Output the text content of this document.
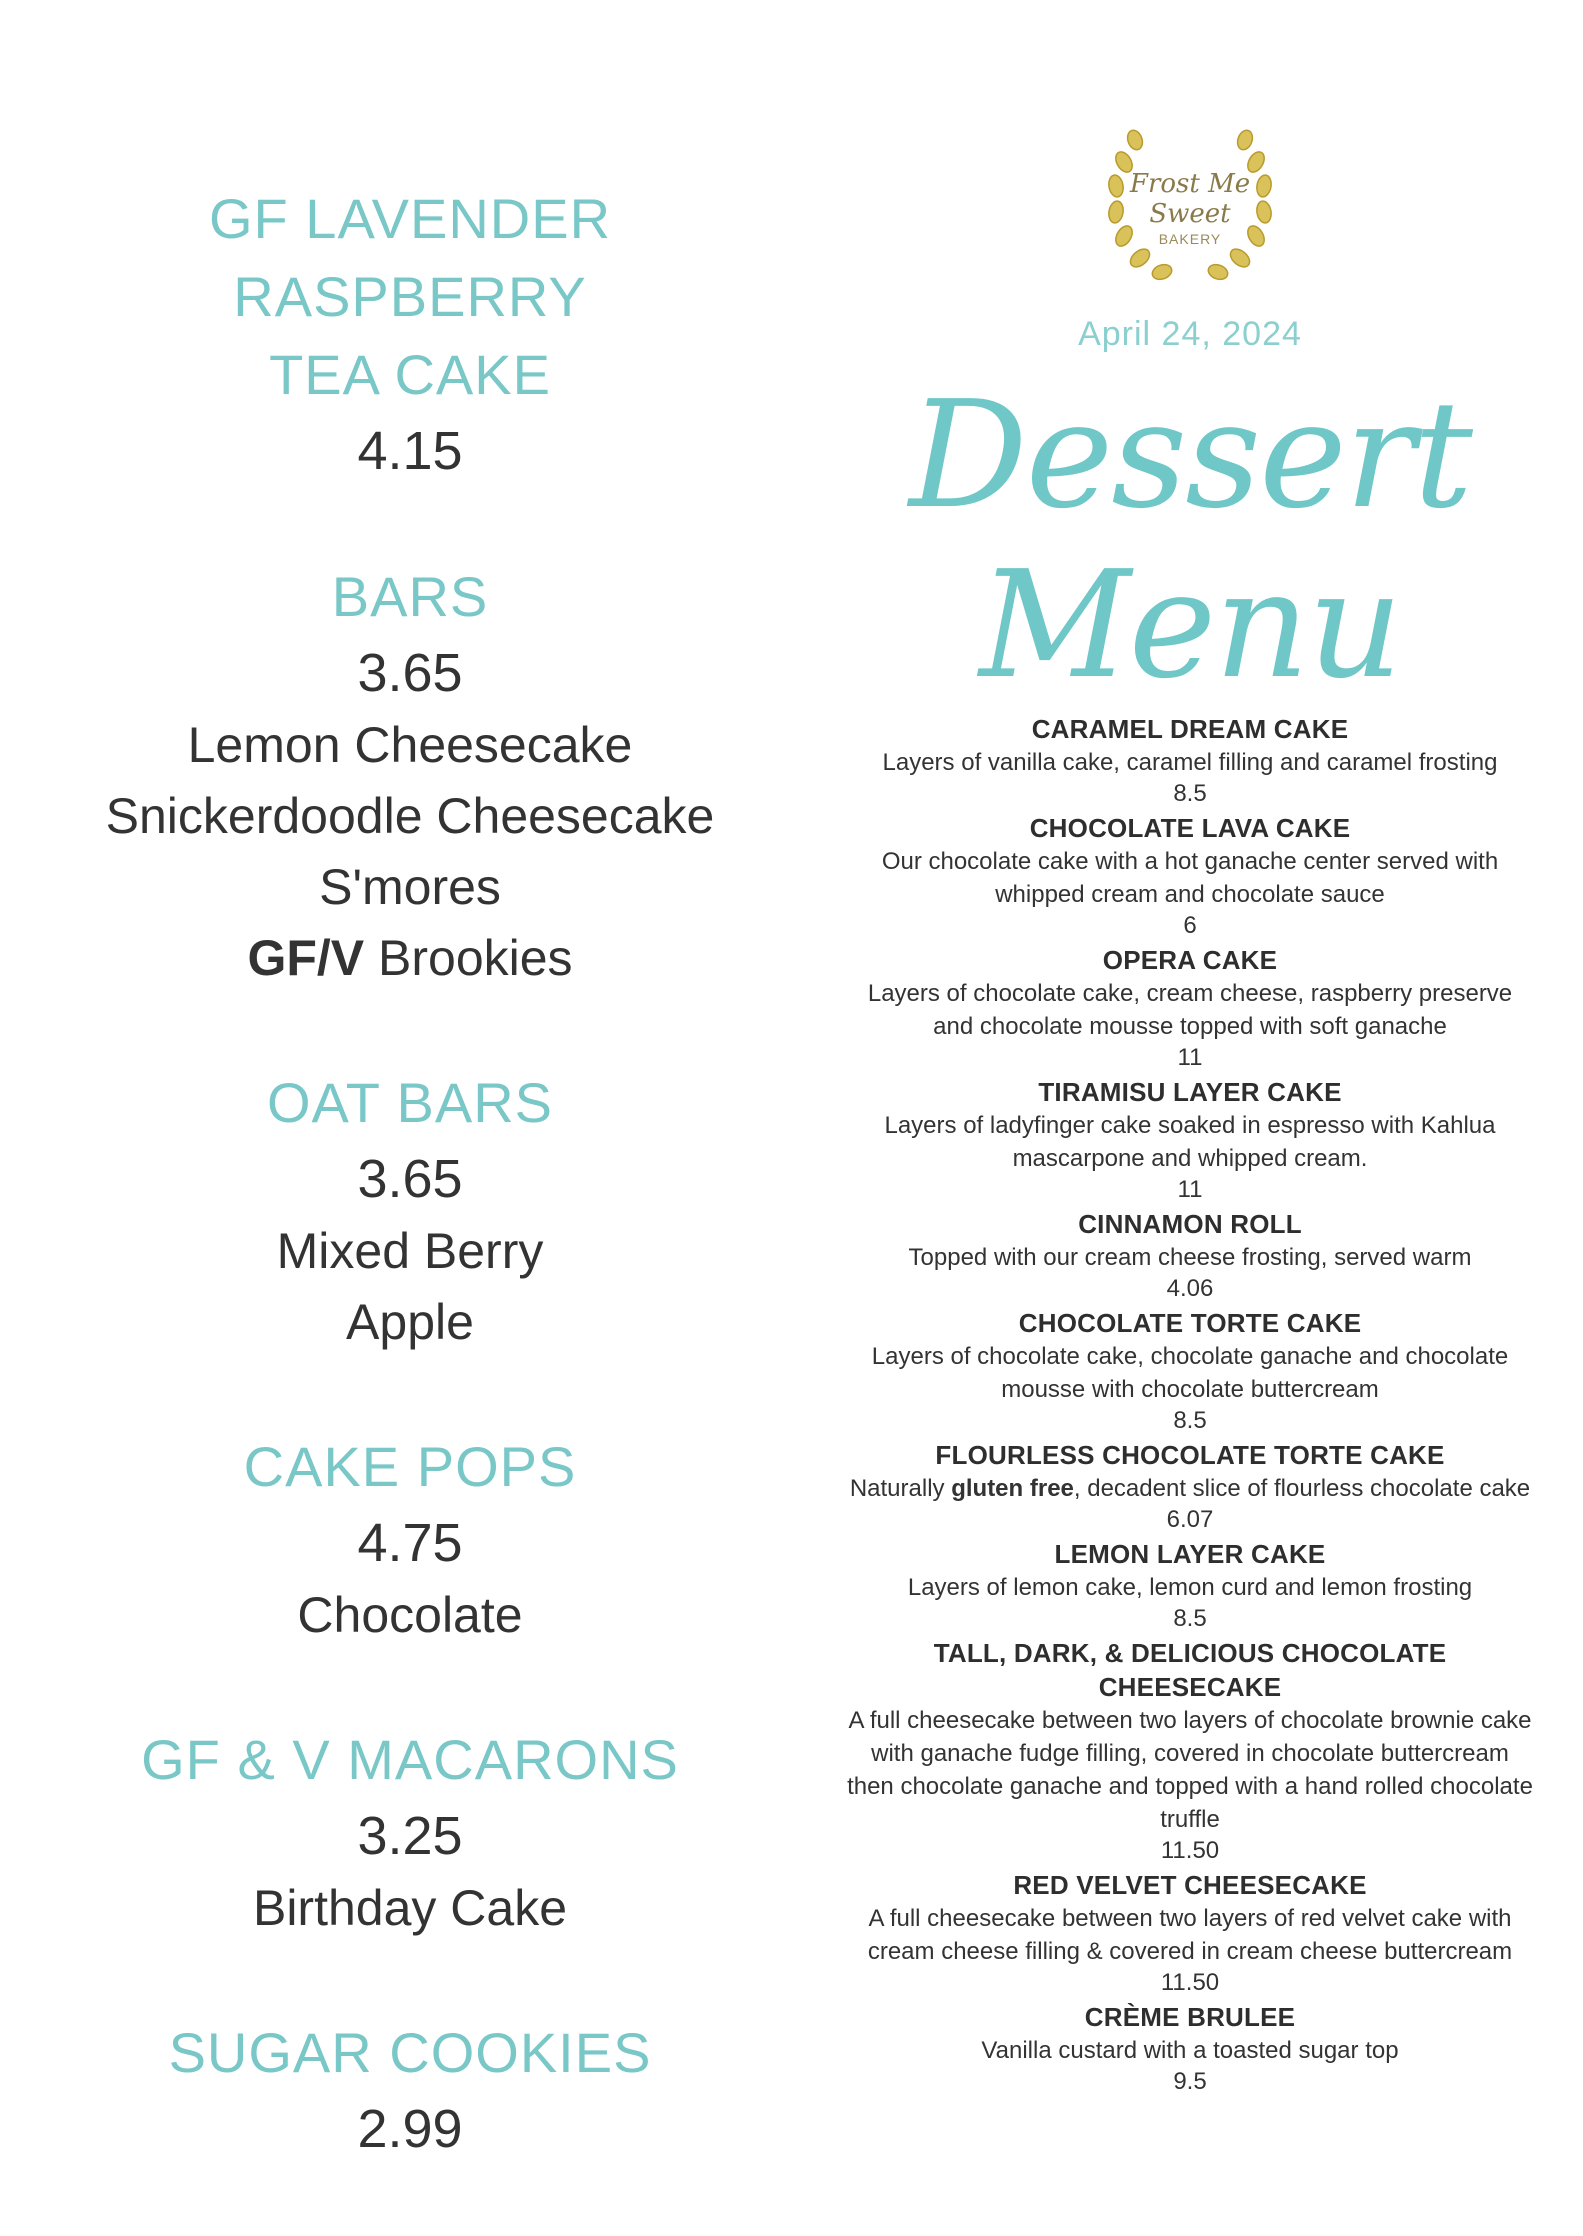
GF LAVENDER RASPBERRY
TEA CAKE
4.15
BARS
3.65
Lemon Cheesecake
Snickerdoodle Cheesecake
S'mores
GF/V Brookies
OAT BARS
3.65
Mixed Berry
Apple
CAKE POPS
4.75
Chocolate
GF & V MACARONS
3.25
Birthday Cake
SUGAR COOKIES
2.99
Frost Me
Sweet
BAKERY
April 24, 2024
Dessert Menu
CARAMEL DREAM CAKE
Layers of vanilla cake, caramel filling and caramel frosting
8.5
CHOCOLATE LAVA CAKE
Our chocolate cake with a hot ganache center served with whipped cream and chocolate sauce
6
OPERA CAKE
Layers of chocolate cake, cream cheese, raspberry preserve and chocolate mousse topped with soft ganache
11
TIRAMISU LAYER CAKE
Layers of ladyfinger cake soaked in espresso with Kahlua mascarpone and whipped cream.
11
CINNAMON ROLL
Topped with our cream cheese frosting, served warm
4.06
CHOCOLATE TORTE CAKE
Layers of chocolate cake, chocolate ganache and chocolate mousse with chocolate buttercream
8.5
FLOURLESS CHOCOLATE TORTE CAKE
Naturally gluten free, decadent slice of flourless chocolate cake
6.07
LEMON LAYER CAKE
Layers of lemon cake, lemon curd and lemon frosting
8.5
TALL, DARK, & DELICIOUS CHOCOLATE CHEESECAKE
A full cheesecake between two layers of chocolate brownie cake with ganache fudge filling, covered in chocolate buttercream then chocolate ganache and topped with a hand rolled chocolate truffle
11.50
RED VELVET CHEESECAKE
A full cheesecake between two layers of red velvet cake with cream cheese filling & covered in cream cheese buttercream
11.50
CRÈME BRULEE
Vanilla custard with a toasted sugar top
9.5
